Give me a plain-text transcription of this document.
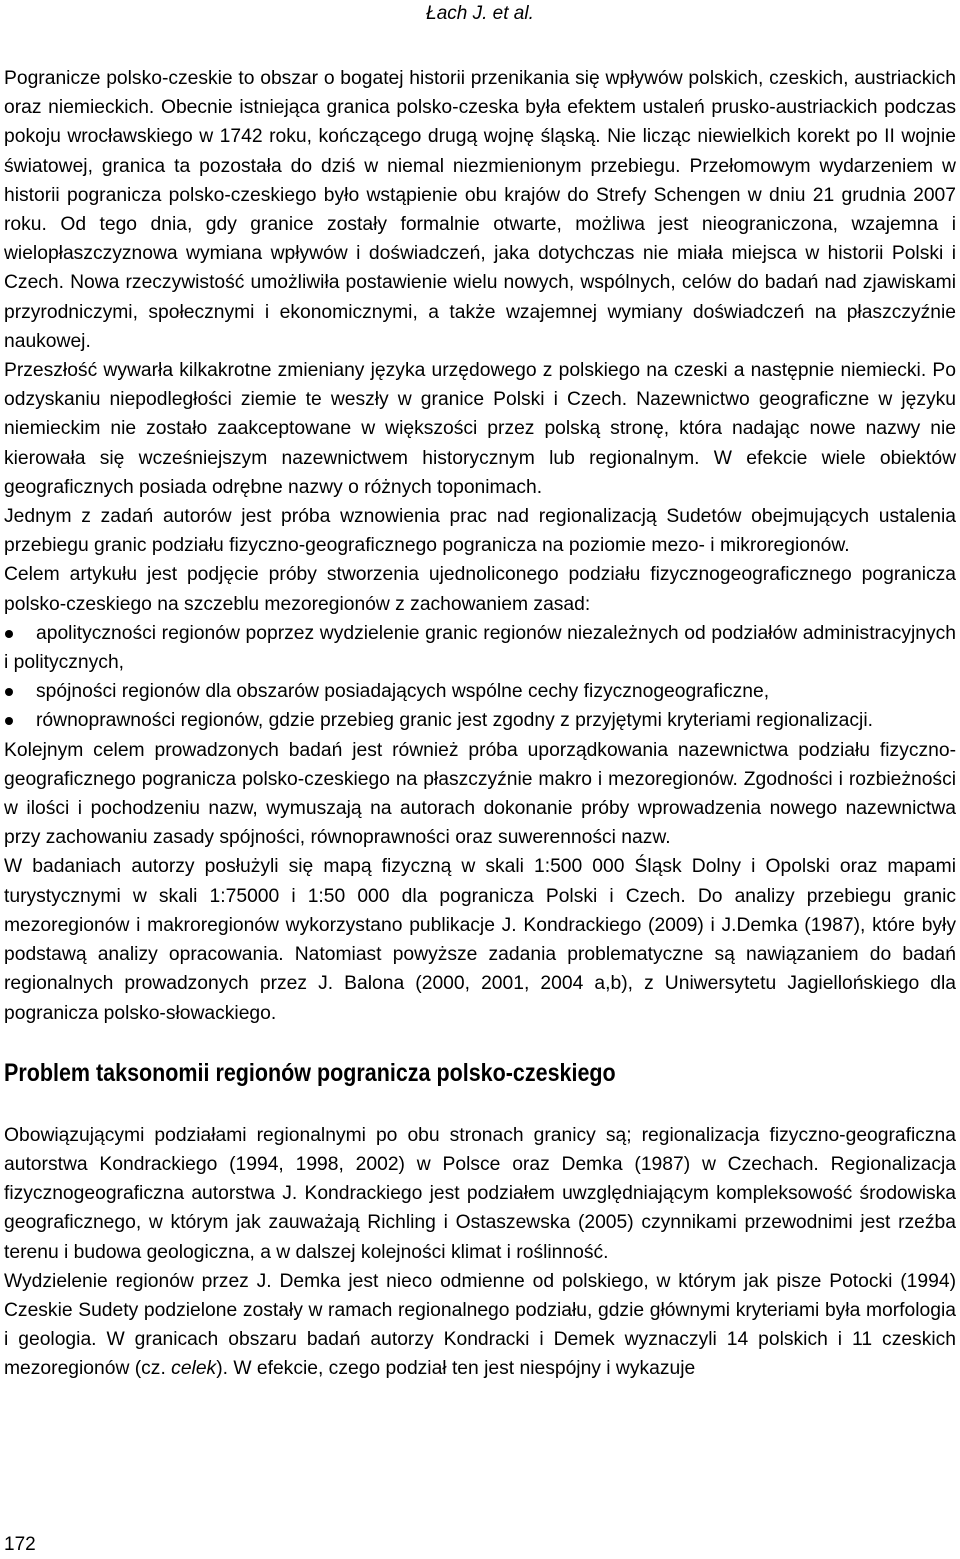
Łach J. et al.

Pogranicze polsko-czeskie to obszar o bogatej historii przenikania się wpływów polskich, czeskich, austriackich oraz niemieckich. Obecnie istniejąca granica polsko-czeska była efektem ustaleń prusko-austriackich podczas pokoju wrocławskiego w 1742 roku, kończącego drugą wojnę śląską. Nie licząc niewielkich korekt po II wojnie światowej, granica ta pozostała do dziś w niemal niezmienionym przebiegu. Przełomowym wydarzeniem w historii pogranicza polsko-czeskiego było wstąpienie obu krajów do Strefy Schengen w dniu 21 grudnia 2007 roku. Od tego dnia, gdy granice zostały formalnie otwarte, możliwa jest nieograniczona, wzajemna i wielopłaszczyznowa wymiana wpływów i doświadczeń, jaka dotychczas nie miała miejsca w historii Polski i Czech. Nowa rzeczywistość umożliwiła postawienie wielu nowych, wspólnych, celów do badań nad zjawiskami przyrodniczymi, społecznymi i ekonomicznymi, a także wzajemnej wymiany doświadczeń na płaszczyźnie naukowej.

Przeszłość wywarła kilkakrotne zmieniany języka urzędowego z polskiego na czeski a następnie niemiecki. Po odzyskaniu niepodległości ziemie te weszły w granice Polski i Czech. Nazewnictwo geograficzne w języku niemieckim nie zostało zaakceptowane w większości przez polską stronę, która nadając nowe nazwy nie kierowała się wcześniejszym nazewnictwem historycznym lub regionalnym. W efekcie wiele obiektów geograficznych posiada odrębne nazwy o różnych toponimach.

Jednym z zadań autorów jest próba wznowienia prac nad regionalizacją Sudetów obejmujących ustalenia przebiegu granic podziału fizyczno-geograficznego pogranicza na poziomie mezo- i mikroregionów.

Celem artykułu jest podjęcie próby stworzenia ujednoliconego podziału fizycznogeograficznego pogranicza polsko-czeskiego na szczeblu mezoregionów z zachowaniem zasad:

apolityczności regionów poprzez wydzielenie granic regionów niezależnych od podziałów administracyjnych i politycznych,
spójności regionów dla obszarów posiadających wspólne cechy fizycznogeograficzne,
równoprawności regionów, gdzie przebieg granic jest zgodny z przyjętymi kryteriami regionalizacji.

Kolejnym celem prowadzonych badań jest również próba uporządkowania nazewnictwa podziału fizyczno-geograficznego pogranicza polsko-czeskiego na płaszczyźnie makro i mezoregionów. Zgodności i rozbieżności w ilości i pochodzeniu nazw, wymuszają na autorach dokonanie próby wprowadzenia nowego nazewnictwa przy zachowaniu zasady spójności, równoprawności oraz suwerenności nazw.

W badaniach autorzy posłużyli się mapą fizyczną w skali 1:500 000 Śląsk Dolny i Opolski oraz mapami turystycznymi w skali 1:75000 i 1:50 000 dla pogranicza Polski i Czech. Do analizy przebiegu granic mezoregionów i makroregionów wykorzystano publikacje J. Kondrackiego (2009) i J.Demka (1987), które były podstawą analizy opracowania. Natomiast powyższe zadania problematyczne są nawiązaniem do badań regionalnych prowadzonych przez J. Balona (2000, 2001, 2004 a,b), z Uniwersytetu Jagiellońskiego dla pogranicza polsko-słowackiego.

Problem taksonomii regionów pogranicza polsko-czeskiego

Obowiązującymi podziałami regionalnymi po obu stronach granicy są; regionalizacja fizyczno-geograficzna autorstwa Kondrackiego (1994, 1998, 2002) w Polsce oraz Demka (1987) w Czechach. Regionalizacja fizycznogeograficzna autorstwa J. Kondrackiego jest podziałem uwzględniającym kompleksowość środowiska geograficznego, w którym jak zauważają Richling i Ostaszewska (2005) czynnikami przewodnimi jest rzeźba terenu i budowa geologiczna, a w dalszej kolejności klimat i roślinność.

Wydzielenie regionów przez J. Demka jest nieco odmienne od polskiego, w którym jak pisze Potocki (1994) Czeskie Sudety podzielone zostały w ramach regionalnego podziału, gdzie głównymi kryteriami była morfologia i geologia. W granicach obszaru badań autorzy Kondracki i Demek wyznaczyli 14 polskich i 11 czeskich mezoregionów (cz. celek). W efekcie, czego podział ten jest niespójny i wykazuje

172
